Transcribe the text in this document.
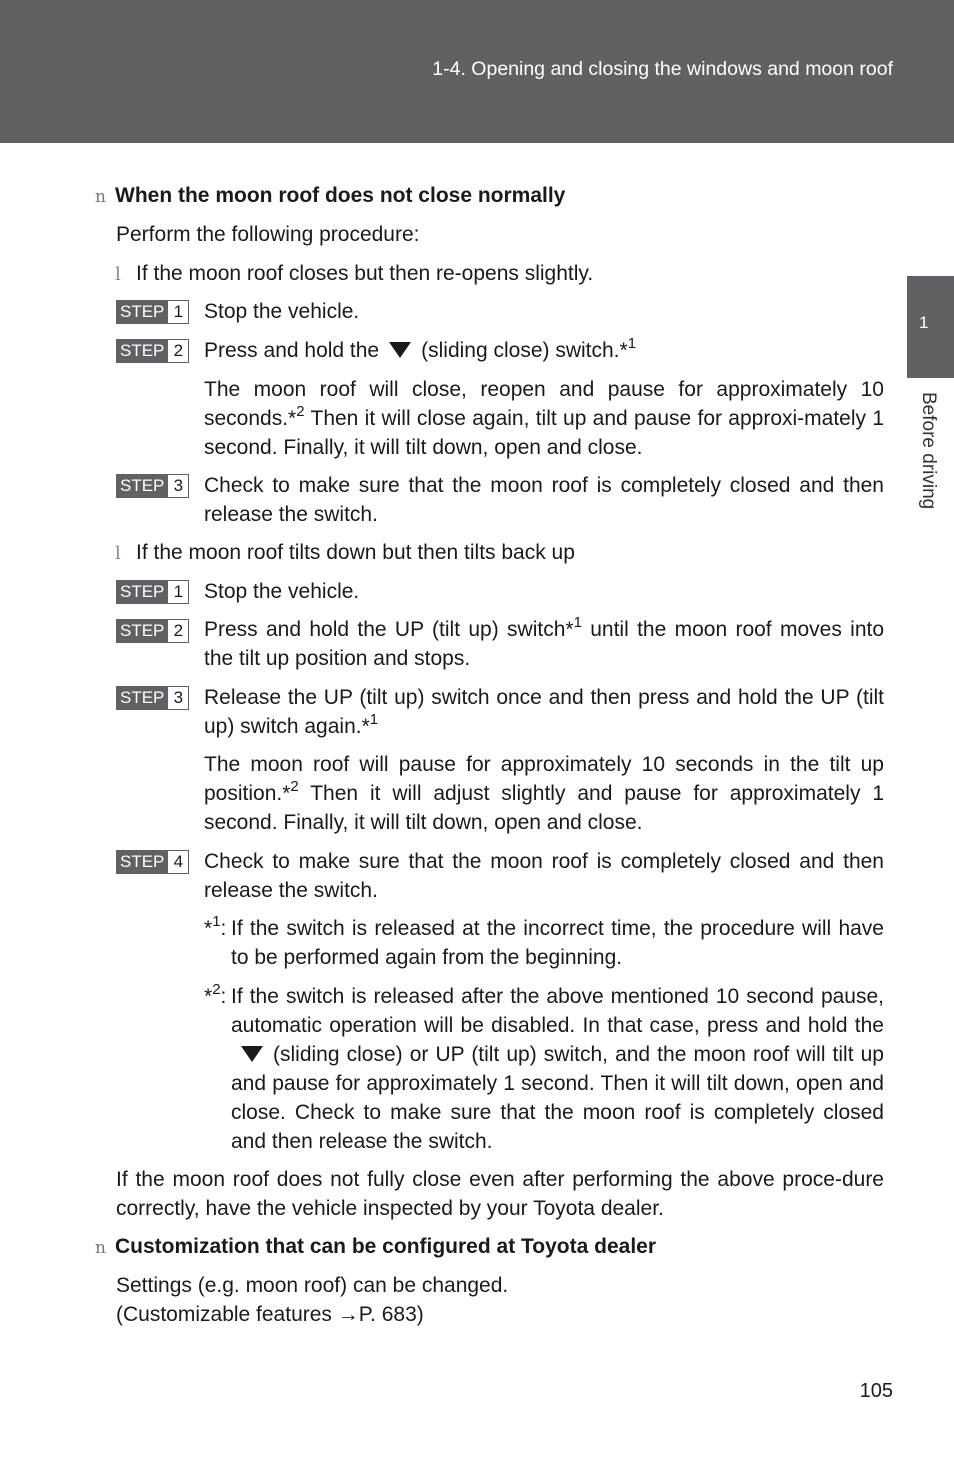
1-4. Opening and closing the windows and moon roof
1
Before driving
n When the moon roof does not close normally
Perform the following procedure:
l If the moon roof closes but then re-opens slightly.
STEP 1 Stop the vehicle.
STEP 2 Press and hold the (sliding close) switch.*$^1$
The moon roof will close, reopen and pause for approximately 10 seconds.*$^2$ Then it will close again, tilt up and pause for approxi-mately 1 second. Finally, it will tilt down, open and close.
STEP 3 Check to make sure that the moon roof is completely closed and then release the switch.
l If the moon roof tilts down but then tilts back up
STEP 1 Stop the vehicle.
STEP 2 Press and hold the UP (tilt up) switch*$^1$ until the moon roof moves into the tilt up position and stops.
STEP 3 Release the UP (tilt up) switch once and then press and hold the UP (tilt up) switch again.*$^1$
The moon roof will pause for approximately 10 seconds in the tilt up position.*$^2$ Then it will adjust slightly and pause for approximately 1 second. Finally, it will tilt down, open and close.
STEP 4 Check to make sure that the moon roof is completely closed and then release the switch.
*$^1$: If the switch is released at the incorrect time, the procedure will have to be performed again from the beginning.
*$^2$: If the switch is released after the above mentioned 10 second pause, automatic operation will be disabled. In that case, press and hold the(sliding close) or UP (tilt up) switch, and the moon roof will tilt up and pause for approximately 1 second. Then it will tilt down, open and close. Check to make sure that the moon roof is completely closed and then release the switch.
If the moon roof does not fully close even after performing the above proce-dure correctly, have the vehicle inspected by your Toyota dealer.
n Customization that can be configured at Toyota dealer
Settings (e.g. moon roof) can be changed.
(Customizable features →P. 683)
105
